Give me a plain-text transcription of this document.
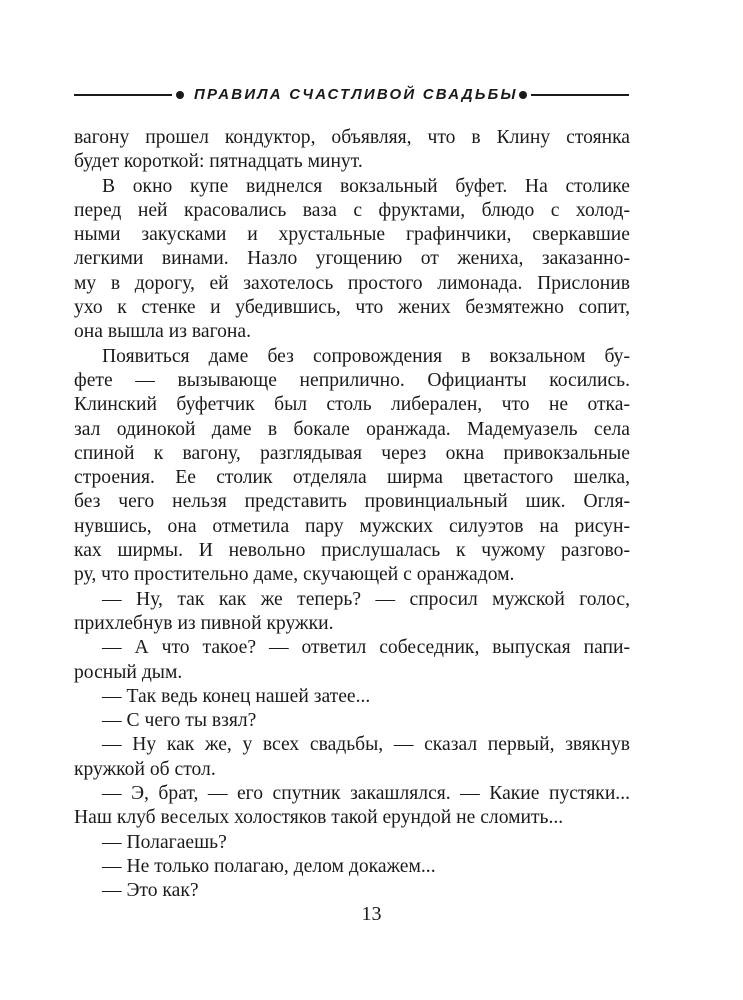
ПРАВИЛА СЧАСТЛИВОЙ СВАДЬБЫ
вагону прошел кондуктор, объявляя, что в Клину стоянка
будет короткой: пятнадцать минут.
В окно купе виднелся вокзальный буфет. На столике
перед ней красовались ваза с фруктами, блюдо с холод-
ными закусками и хрустальные графинчики, сверкавшие
легкими винами. Назло угощению от жениха, заказанно-
му в дорогу, ей захотелось простого лимонада. Прислонив
ухо к стенке и убедившись, что жених безмятежно сопит,
она вышла из вагона.
Появиться даме без сопровождения в вокзальном бу-
фете — вызывающе неприлично. Официанты косились.
Клинский буфетчик был столь либерален, что не отка-
зал одинокой даме в бокале оранжада. Мадемуазель села
спиной к вагону, разглядывая через окна привокзальные
строения. Ее столик отделяла ширма цветастого шелка,
без чего нельзя представить провинциальный шик. Огля-
нувшись, она отметила пару мужских силуэтов на рисун-
ках ширмы. И невольно прислушалась к чужому разгово-
ру, что простительно даме, скучающей с оранжадом.
— Ну, так как же теперь? — спросил мужской голос,
прихлебнув из пивной кружки.
— А что такое? — ответил собеседник, выпуская папи-
росный дым.
— Так ведь конец нашей затее...
— С чего ты взял?
— Ну как же, у всех свадьбы, — сказал первый, звякнув
кружкой об стол.
— Э, брат, — его спутник закашлялся. — Какие пустяки...
Наш клуб веселых холостяков такой ерундой не сломить...
— Полагаешь?
— Не только полагаю, делом докажем...
— Это как?
13
